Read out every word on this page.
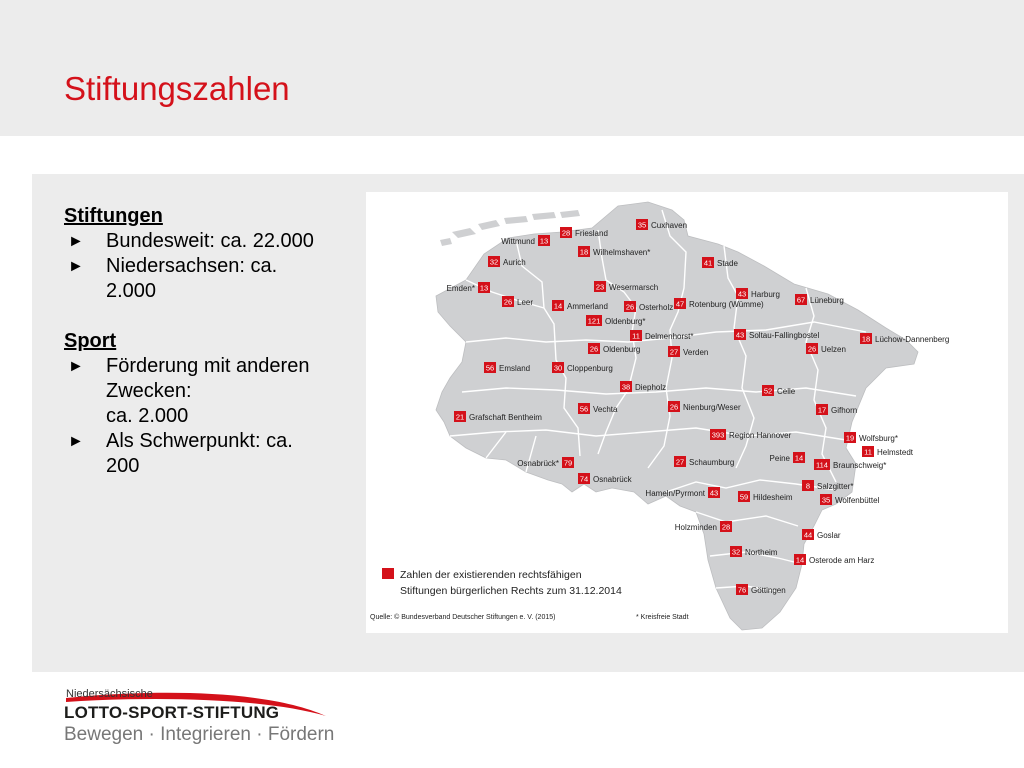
Stiftungszahlen
Stiftungen
► Bundesweit: ca. 22.000
► Niedersachsen: ca.
2.000
Sport
► Förderung mit anderen
Zwecken:
ca. 2.000
► Als Schwerpunkt: ca.
200
35 Cuxhaven
28 Friesland
13
Wittmund
18 Wilhelmshaven*
32 Aurich	41 Stade
13
Emden*	23 Wesermarsch
43 Harburg
67 Lüneburg
26 Leer	14 Ammerland 26 Osterholz 47 Rotenburg (Wümme)
121 Oldenburg*
11 Delmenhorst*	43 Soltau-Fallingbostel	18 Lüchow-Dannenberg
26 Oldenburg	27 Verden	26 Uelzen
56 Emsland	30 Cloppenburg
38 Diepholz	52 Celle
21 Grafschaft Bentheim
56 Vechta	26 Nienburg/Weser	17 Gifhorn
393 Region Hannover	19 Wolfsburg*
11 Helmstedt
79
Osnabrück*	27 Schaumburg	14
Peine
114 Braunschweig*
74 Osnabrück
8 Salzgitter*
43
Hameln/Pyrmont	59 Hildesheim	35 Wolfenbüttel
28
Holzminden
44 Goslar
32 Northeim
14 Osterode am Harz
76 Göttingen
Zahlen der existierenden rechtsfähigen
Stiftungen bürgerlichen Rechts zum 31.12.2014
Quelle: © Bundesverband Deutscher Stiftungen e. V. (2015)	* Kreisfreie Stadt
Niedersächsische
LOTTO-SPORT-STIFTUNG
Bewegen · Integrieren · Fördern
